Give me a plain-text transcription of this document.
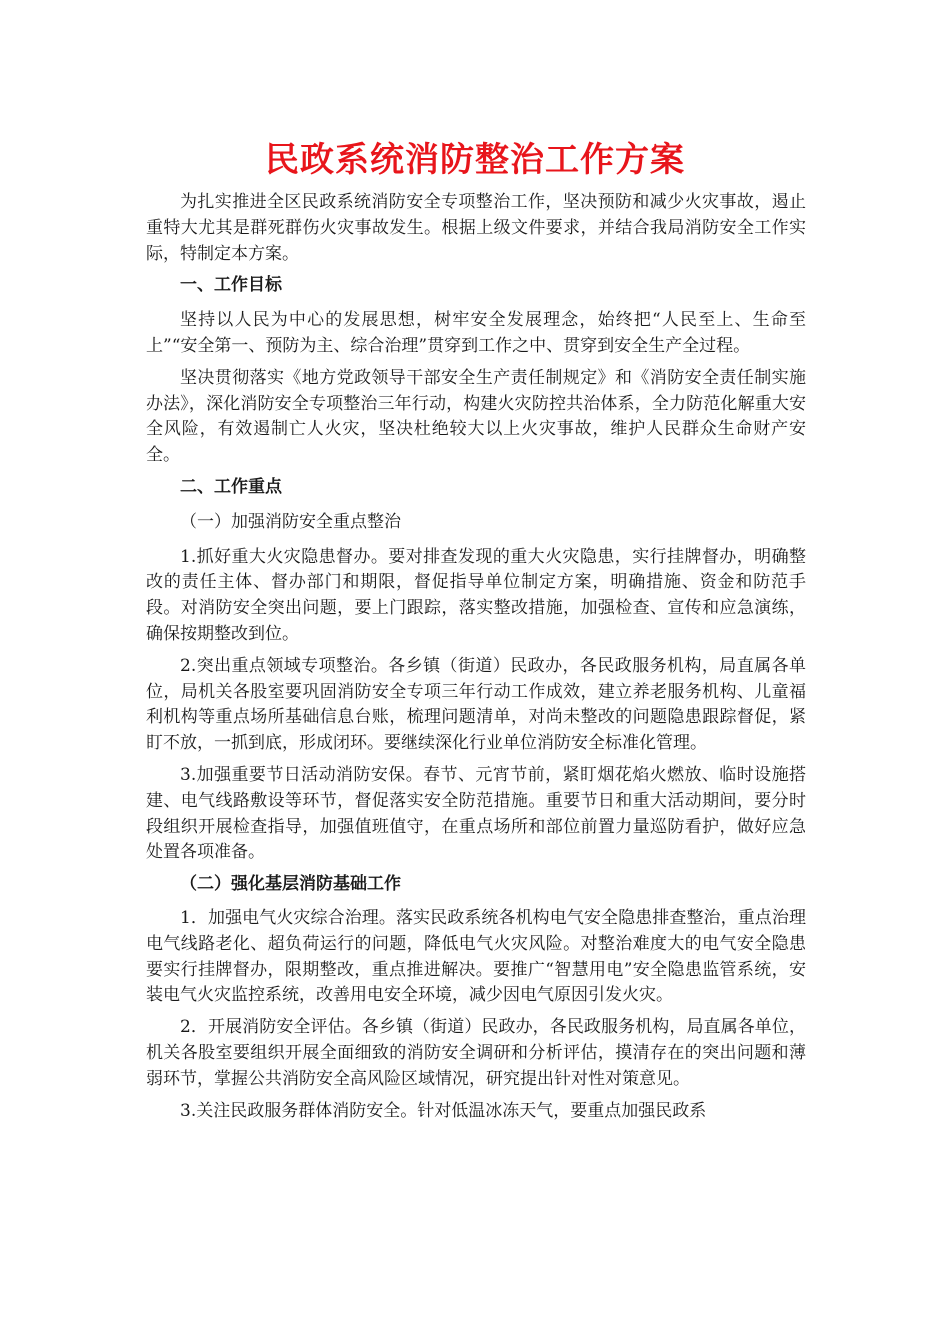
民政系统消防整治工作方案

为扎实推进全区民政系统消防安全专项整治工作，坚决预防和减少火灾事故，遏止重特大尤其是群死群伤火灾事故发生。根据上级文件要求，并结合我局消防安全工作实际，特制定本方案。

一、工作目标

坚持以人民为中心的发展思想，树牢安全发展理念，始终把“人民至上、生命至上”“安全第一、预防为主、综合治理”贯穿到工作之中、贯穿到安全生产全过程。

坚决贯彻落实《地方党政领导干部安全生产责任制规定》和《消防安全责任制实施办法》，深化消防安全专项整治三年行动，构建火灾防控共治体系，全力防范化解重大安全风险，有效遏制亡人火灾，坚决杜绝较大以上火灾事故，维护人民群众生命财产安全。

二、工作重点

（一）加强消防安全重点整治

1.抓好重大火灾隐患督办。要对排查发现的重大火灾隐患，实行挂牌督办，明确整改的责任主体、督办部门和期限，督促指导单位制定方案，明确措施、资金和防范手段。对消防安全突出问题，要上门跟踪，落实整改措施，加强检查、宣传和应急演练，确保按期整改到位。

2.突出重点领域专项整治。各乡镇（街道）民政办，各民政服务机构，局直属各单位，局机关各股室要巩固消防安全专项三年行动工作成效，建立养老服务机构、儿童福利机构等重点场所基础信息台账，梳理问题清单，对尚未整改的问题隐患跟踪督促，紧盯不放，一抓到底，形成闭环。要继续深化行业单位消防安全标准化管理。

3.加强重要节日活动消防安保。春节、元宵节前，紧盯烟花焰火燃放、临时设施搭建、电气线路敷设等环节，督促落实安全防范措施。重要节日和重大活动期间，要分时段组织开展检查指导，加强值班值守，在重点场所和部位前置力量巡防看护，做好应急处置各项准备。

（二）强化基层消防基础工作

1．加强电气火灾综合治理。落实民政系统各机构电气安全隐患排查整治，重点治理电气线路老化、超负荷运行的问题，降低电气火灾风险。对整治难度大的电气安全隐患要实行挂牌督办，限期整改，重点推进解决。要推广“智慧用电”安全隐患监管系统，安装电气火灾监控系统，改善用电安全环境，减少因电气原因引发火灾。

2．开展消防安全评估。各乡镇（街道）民政办，各民政服务机构，局直属各单位，机关各股室要组织开展全面细致的消防安全调研和分析评估，摸清存在的突出问题和薄弱环节，掌握公共消防安全高风险区域情况，研究提出针对性对策意见。

3.关注民政服务群体消防安全。针对低温冰冻天气，要重点加强民政系
